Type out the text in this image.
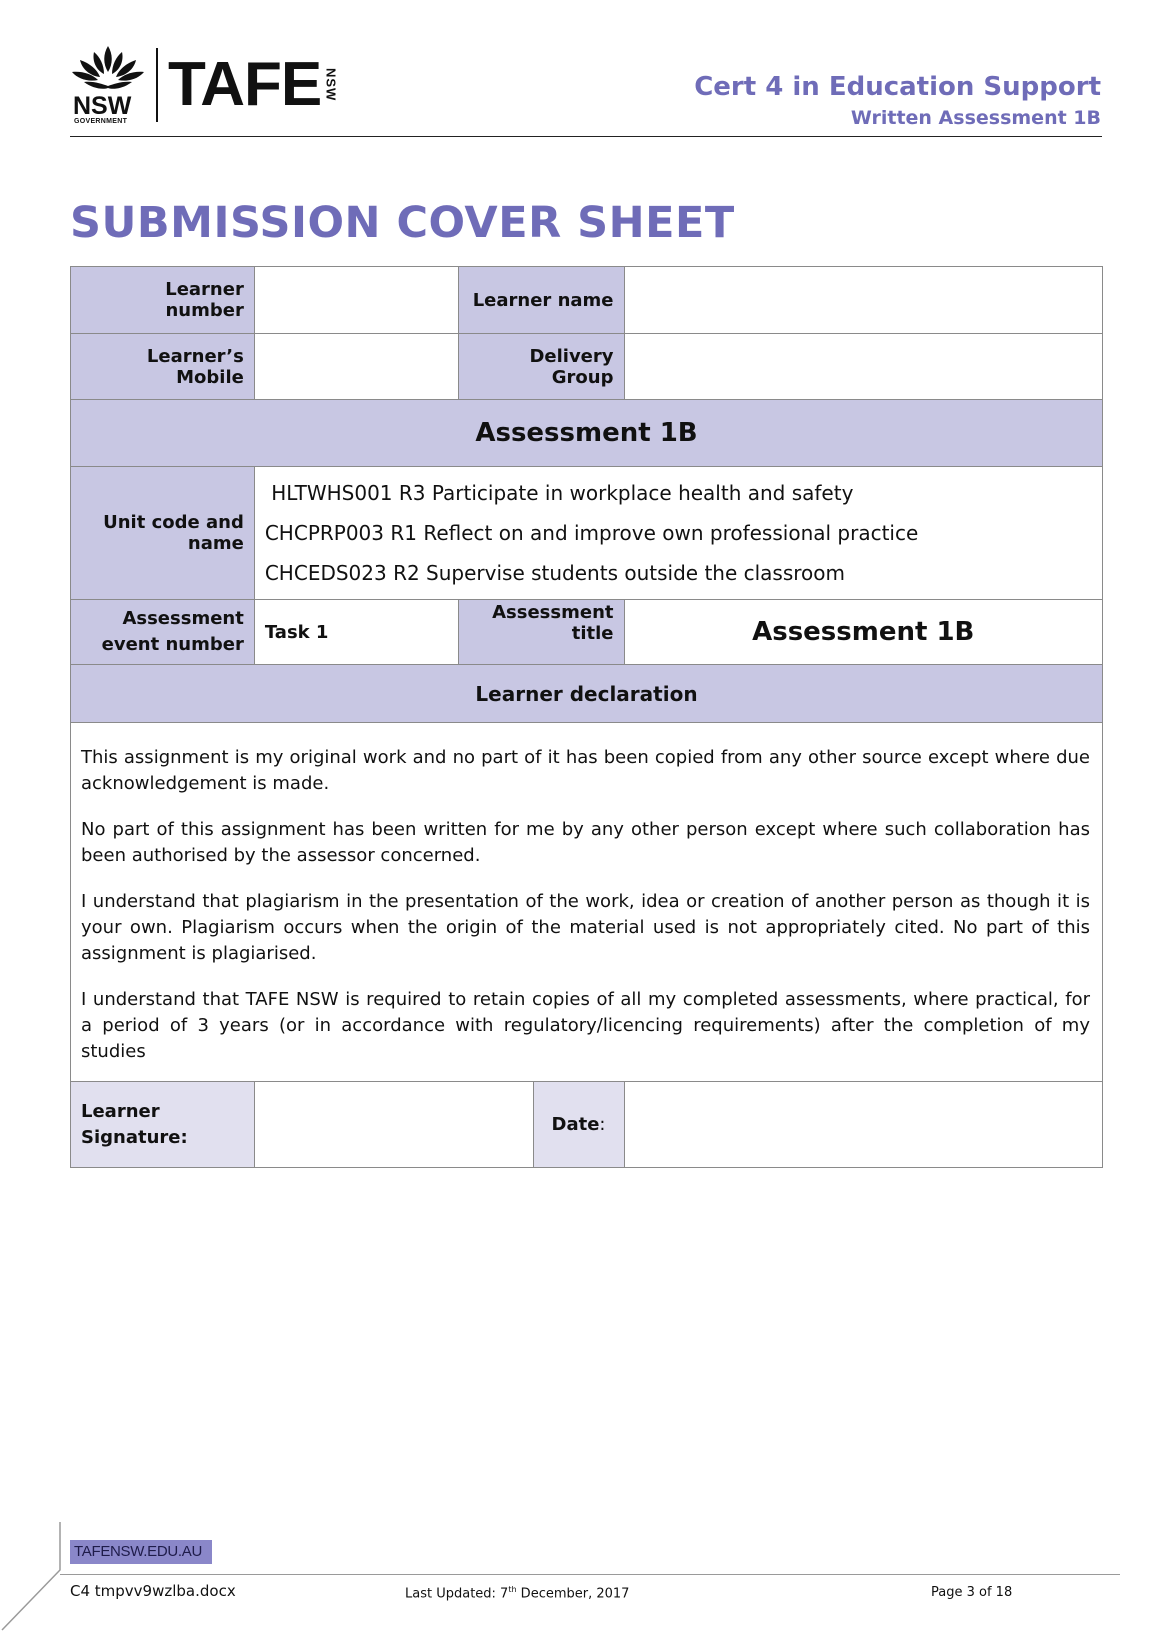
NSW
GOVERNMENT
TAFE NSW	Cert 4 in Education Support
Written Assessment 1B
SUBMISSION COVER SHEET
Learner number		Learner name		
Learner’s Mobile		Delivery Group		
Assessment 1B				
Unit code and name	HLTWHS001 R3 Participate in workplace health and safety

CHCPRP003 R1 Reflect on and improve own professional practice

CHCEDS023 R2 Supervise students outside the classroom			

Assessment event number	Task 1	Assessment title		Assessment 1B
Learner declaration				

This assignment is my original work and no part of it has been copied from any other source except where due acknowledgement is made.

No part of this assignment has been written for me by any other person except where such collaboration has been authorised by the assessor concerned.

I understand that plagiarism in the presentation of the work, idea or creation of another person as though it is your own. Plagiarism occurs when the origin of the material used is not appropriately cited. No part of this assignment is plagiarised.

I understand that TAFE NSW is required to retain copies of all my completed assessments, where practical, for a period of 3 years (or in accordance with regulatory/licencing requirements) after the completion of my studies				

Learner
Signature:			Date:	
TAFENSW.EDU.AU
C4 tmpvv9wzlba.docx	Last Updated: 7th December, 2017	Page 3 of 18
